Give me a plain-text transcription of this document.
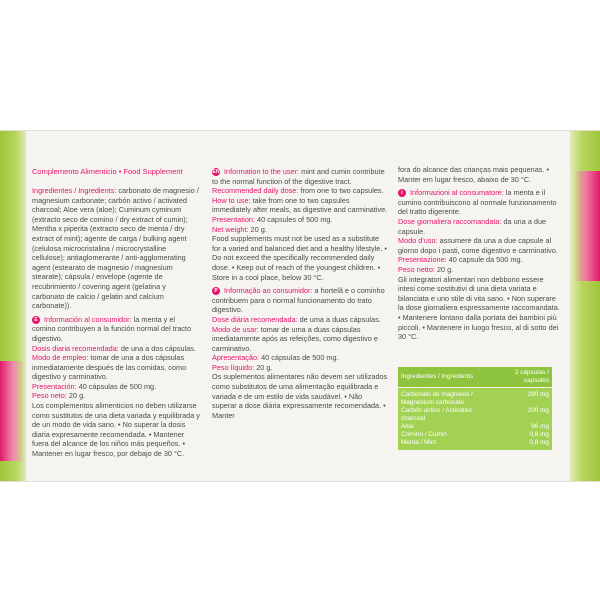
Complemento Alimenticio • Food Supplement

Ingredientes / Ingredients: carbonato de magnesio / magnesium carbonate; carbón activo / activated charcoal; Aloe vera (aloe); Cuminum cyminum (extracto seco de comino / dry extract of cumin); Mentha x piperita (extracto seco de menta / dry extract of mint); agente de carga / bulking agent (celulosa microcristalina / microcrystalline cellulose); antiaglomerante / anti-agglomerating agent (estearato de magnesio / magnesium stearate); cápsula / envelope (agente de recubrimiento / covering agent (gelatina y carbonato de calcio / gelatin and calcium carbonate)).

E Información al consumidor: la menta y el comino contribuyen a la función normal del tracto digestivo.

Dosis diaria recomendada: de una a dos cápsulas.

Modo de empleo: tomar de una a dos cápsulas inmediatamente después de las comidas, como digestivo y carminativo.

Presentación: 40 cápsulas de 500 mg.

Peso neto: 20 g.

Los complementos alimenticios no deben utilizarse como sustitutos de una dieta variada y equilibrada y de un modo de vida sano. • No superar la dosis diaria expresamente recomendada. • Mantener fuera del alcance de los niños más pequeños. • Mantener en lugar fresco, por debajo de 30 °C.

EN Information to the user: mint and cumin contribute to the normal function of the digestive tract.

Recommended daily dose: from one to two capsules.

How to use: take from one to two capsules immediately after meals, as digestive and carminative.

Presentation: 40 capsules of 500 mg.

Net weight: 20 g.

Food supplements must not be used as a substitute for a varied and balanced diet and a healthy lifestyle. • Do not exceed the specifically recommended daily dose. • Keep out of reach of the youngest children. • Store in a cool place, below 30 °C.

P Informação ao consumidor: a hortelã e o cominho contribuem para o normal funcionamento do trato digestivo.

Dose diária recomendada: de uma a duas cápsulas.

Modo de usar: tomar de uma a duas cápsulas imediatamente após as refeições, como digestivo e carminativo.

Apresentação: 40 cápsulas de 500 mg.

Peso líquido: 20 g.

Os suplementos alimentares não devem ser utilizados como substitutos de uma alimentação equilibrada e variada e de um estilo de vida saudável. • Não superar a dose diária expressamente recomendada. • Manter

fora do alcance das crianças mais pequenas. • Manter em lugar fresco, abaixo de 30 °C.

I Informazioni al consumatore: la menta e il cumino contribuiscono al normale funzionamento del tratto digerente.

Dose giornaliera raccomandata: da una a due capsule.

Modo d'uso: assumere da una a due capsule al giorno dopo i pasti, come digestivo e carminativo.

Presentazione: 40 capsule da 500 mg.

Peso netto: 20 g.

Gli integratori alimentari non debbono essere intesi come sostitutivi di una dieta variata e bilanciata e uno stile di vita sano. • Non superare la dose giornaliera espressamente raccomandata. • Mantenere lontano dalla portata dei bambini più piccoli. • Mantenere in luogo fresco, al di sotto dei 30 °C.

Ingredientes / Ingredients	2 cápsulas / capsules
Carbonato de magnesio / Magnesium carbonate	280 mg
Carbón activo / Activated charcoal	200 mg
Aloe	96 mg
Comino / Cumin	0,8 mg
Menta / Mint	0,8 mg
